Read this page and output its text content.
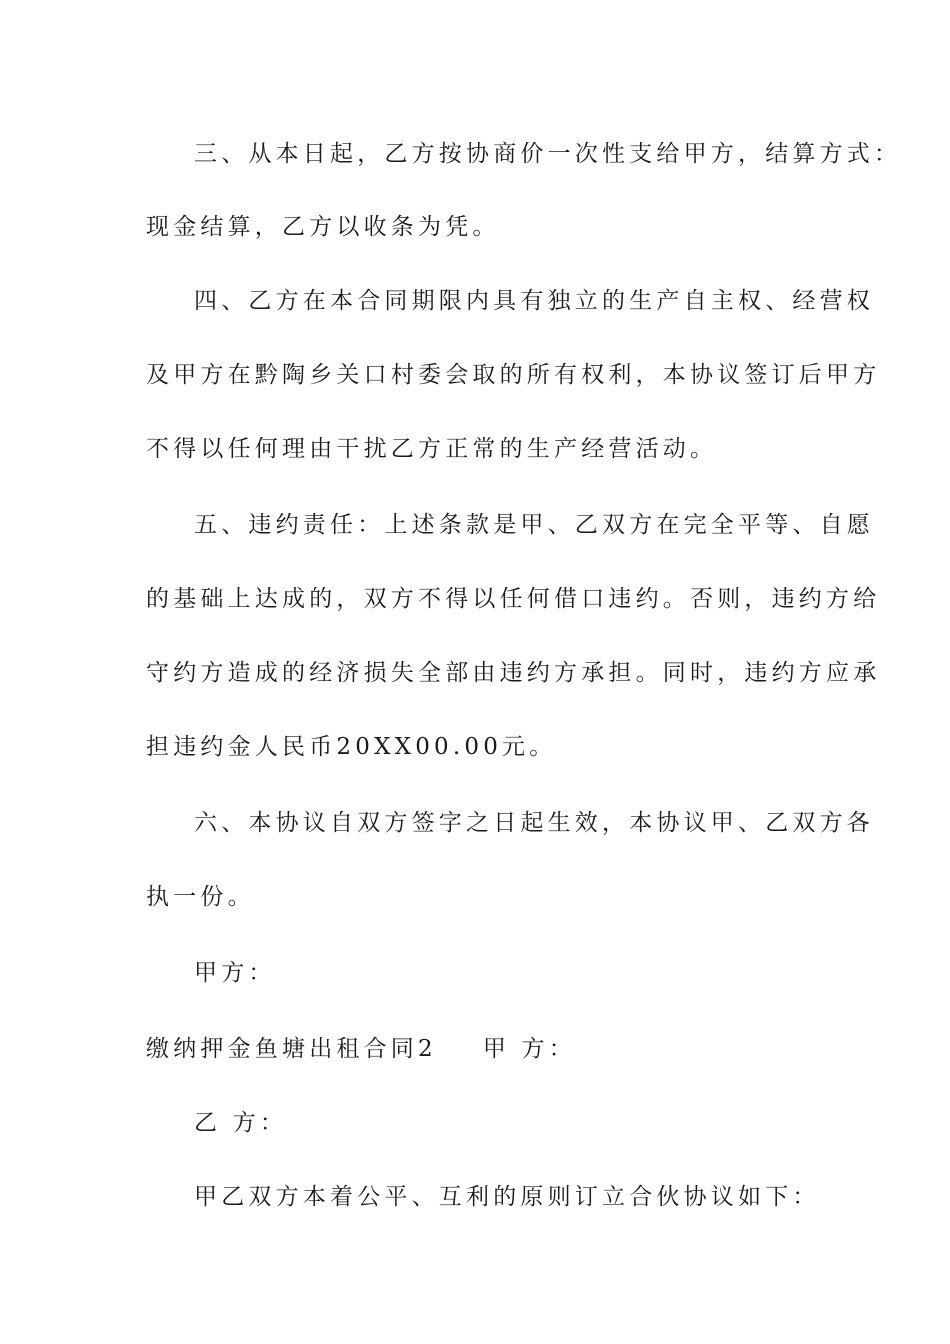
三、从本日起，乙方按协商价一次性支给甲方，结算方式：
现金结算，乙方以收条为凭。
四、乙方在本合同期限内具有独立的生产自主权、经营权
及甲方在黔陶乡关口村委会取的所有权利，本协议签订后甲方
不得以任何理由干扰乙方正常的生产经营活动。
五、违约责任：上述条款是甲、乙双方在完全平等、自愿
的基础上达成的，双方不得以任何借口违约。否则，违约方给
守约方造成的经济损失全部由违约方承担。同时，违约方应承
担违约金人民币20XX00.00元。
六、本协议自双方签字之日起生效，本协议甲、乙双方各
执一份。
甲方：
缴纳押金鱼塘出租合同2 甲 方：
乙 方：
甲乙双方本着公平、互利的原则订立合伙协议如下：
